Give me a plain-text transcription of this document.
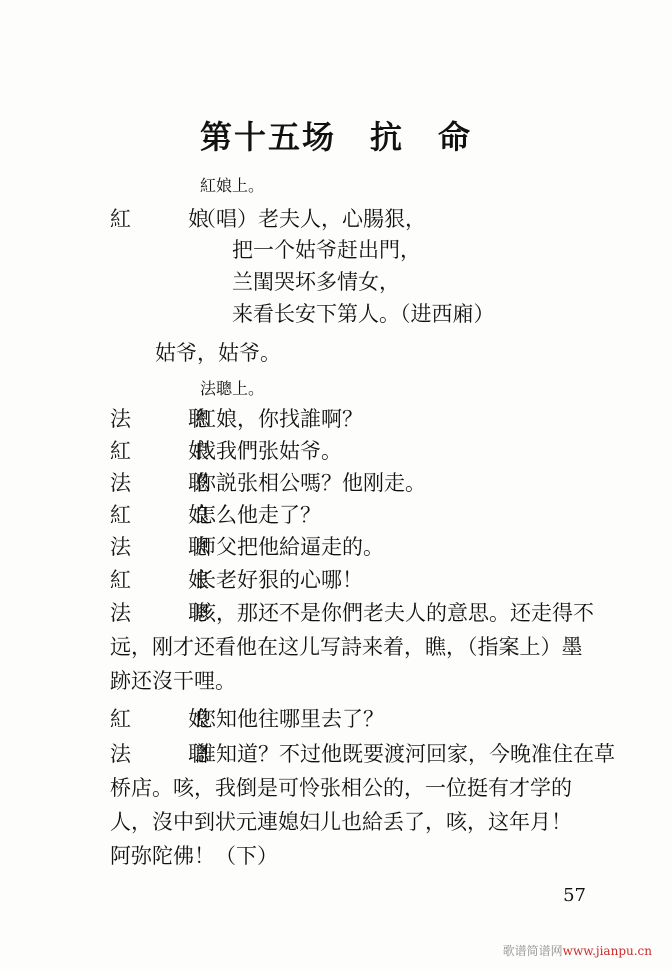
第十五场　抗　命
紅娘上。
紅　娘
（唱）老夫人，心腸狠，
把一个姑爷赶出門，
兰閨哭坏多情女，
来看长安下第人。（进西廂）
姑爷，姑爷。
法聰上。
法　聰
紅娘，你找誰啊？
紅　娘
找我們张姑爷。
法　聰
你説张相公嗎？他刚走。
紅　娘
怎么他走了？
法　聰
师父把他給逼走的。
紅　娘
长老好狠的心哪！
法　聰
咳，那还不是你們老夫人的意思。还走得不
远，刚才还看他在这儿写詩来着，瞧，（指案上）墨
跡还沒干哩。
紅　娘
您知他往哪里去了？
法　聰
誰知道？不过他既要渡河回家，今晚准住在草
桥店。咳，我倒是可怜张相公的，一位挺有才学的
人，沒中到状元連媳妇儿也給丢了，咳，这年月！
阿弥陀佛！（下）
57
歌谱简谱网www.jianpu.cn
